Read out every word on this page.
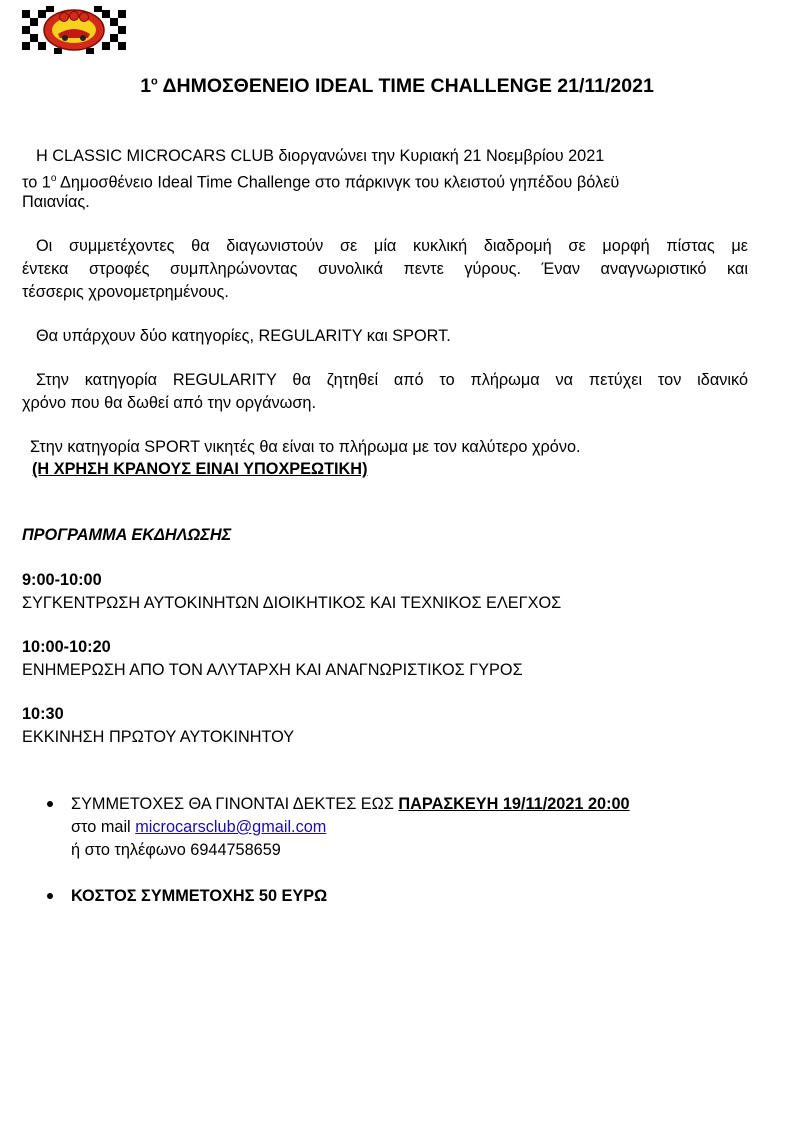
$1^o$ ΔΗΜΟΣΘΕΝΕΙΟ IDEAL TIME CHALLENGE 21/11/2021
Η CLASSIC MICROCARS CLUB διοργανώνει την Κυριακή 21 Νοεμβρίου 2021
το $1^o$ Δημοσθένειο Ideal Time Challenge στο πάρκινγκ του κλειστού γηπέδου βόλεϋ
Παιανίας.
Οι συμμετέχοντες θα διαγωνιστούν σε μία κυκλική διαδρομή σε μορφή πίστας με
έντεκα στροφές συμπληρώνοντας συνολικά πεντε γύρους. Έναν αναγνωριστικό και
τέσσερις χρονομετρημένους.
Θα υπάρχουν δύο κατηγορίες, REGULARITY και SPORT.
Στην κατηγορία REGULARITY θα ζητηθεί από το πλήρωμα να πετύχει τον ιδανικό
χρόνο που θα δωθεί από την οργάνωση.
Στην κατηγορία SPORT νικητές θα είναι το πλήρωμα με τον καλύτερο χρόνο.
(Η ΧΡΗΣΗ ΚΡΑΝΟΥΣ ΕΙΝΑΙ ΥΠΟΧΡΕΩΤΙΚΗ)
ΠΡΟΓΡΑΜΜΑ ΕΚΔΗΛΩΣΗΣ
9:00-10:00
ΣΥΓΚΕΝΤΡΩΣΗ ΑΥΤΟΚΙΝΗΤΩΝ ΔΙΟΙΚΗΤΙΚΟΣ ΚΑΙ ΤΕΧΝΙΚΟΣ ΕΛΕΓΧΟΣ
10:00-10:20
ΕΝΗΜΕΡΩΣΗ ΑΠΟ ΤΟΝ ΑΛΥΤΑΡΧΗ ΚΑΙ ΑΝΑΓΝΩΡΙΣΤΙΚΟΣ ΓΥΡΟΣ
10:30
ΕΚΚΙΝΗΣΗ ΠΡΩΤΟΥ ΑΥΤΟΚΙΝΗΤΟΥ
ΣΥΜΜΕΤΟΧΕΣ ΘΑ ΓΙΝΟΝΤΑΙ ΔΕΚΤΕΣ ΕΩΣ ΠΑΡΑΣΚΕΥΗ 19/11/2021 20:00
στο mail microcarsclub@gmail.com
ή στο τηλέφωνο 6944758659
ΚΟΣΤΟΣ ΣΥΜΜΕΤΟΧΗΣ 50 ΕΥΡΩ
